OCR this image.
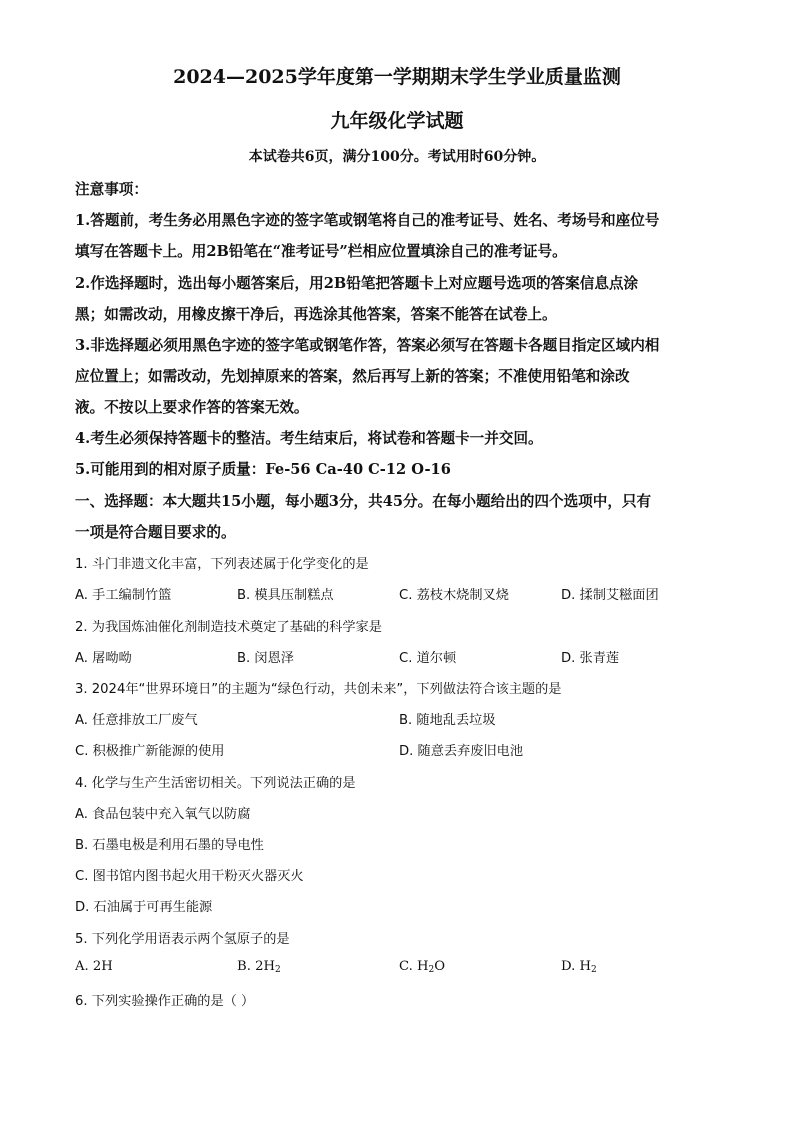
2024—2025学年度第一学期期末学生学业质量监测
九年级化学试题
本试卷共6页，满分100分。考试用时60分钟。
注意事项：
1.答题前，考生务必用黑色字迹的签字笔或钢笔将自己的准考证号、姓名、考场号和座位号
填写在答题卡上。用2B铅笔在“准考证号”栏相应位置填涂自己的准考证号。
2.作选择题时，选出每小题答案后，用2B铅笔把答题卡上对应题号选项的答案信息点涂
黑；如需改动，用橡皮擦干净后，再选涂其他答案，答案不能答在试卷上。
3.非选择题必须用黑色字迹的签字笔或钢笔作答，答案必须写在答题卡各题目指定区域内相
应位置上；如需改动，先划掉原来的答案，然后再写上新的答案；不准使用铅笔和涂改
液。不按以上要求作答的答案无效。
4.考生必须保持答题卡的整洁。考生结束后，将试卷和答题卡一并交回。
5.可能用到的相对原子质量：Fe-56 Ca-40 C-12 O-16
一、选择题：本大题共15小题，每小题3分，共45分。在每小题给出的四个选项中，只有
一项是符合题目要求的。
1. 斗门非遗文化丰富，下列表述属于化学变化的是
A. 手工编制竹篮	B. 模具压制糕点	C. 荔枝木烧制叉烧	D. 揉制艾糍面团
2. 为我国炼油催化剂制造技术奠定了基础的科学家是
A. 屠呦呦	B. 闵恩泽	C. 道尔顿	D. 张青莲
3. 2024年“世界环境日”的主题为“绿色行动，共创未来”，下列做法符合该主题的是
A. 任意排放工厂废气	B. 随地乱丢垃圾
C. 积极推广新能源的使用	D. 随意丢弃废旧电池
4. 化学与生产生活密切相关。下列说法正确的是
A. 食品包装中充入氧气以防腐
B. 石墨电极是利用石墨的导电性
C. 图书馆内图书起火用干粉灭火器灭火
D. 石油属于可再生能源
5. 下列化学用语表示两个氢原子的是
A. 2H	B. $2H_2$	C. $H_2O$	D. $H_2$
6. 下列实验操作正确的是（ ）
